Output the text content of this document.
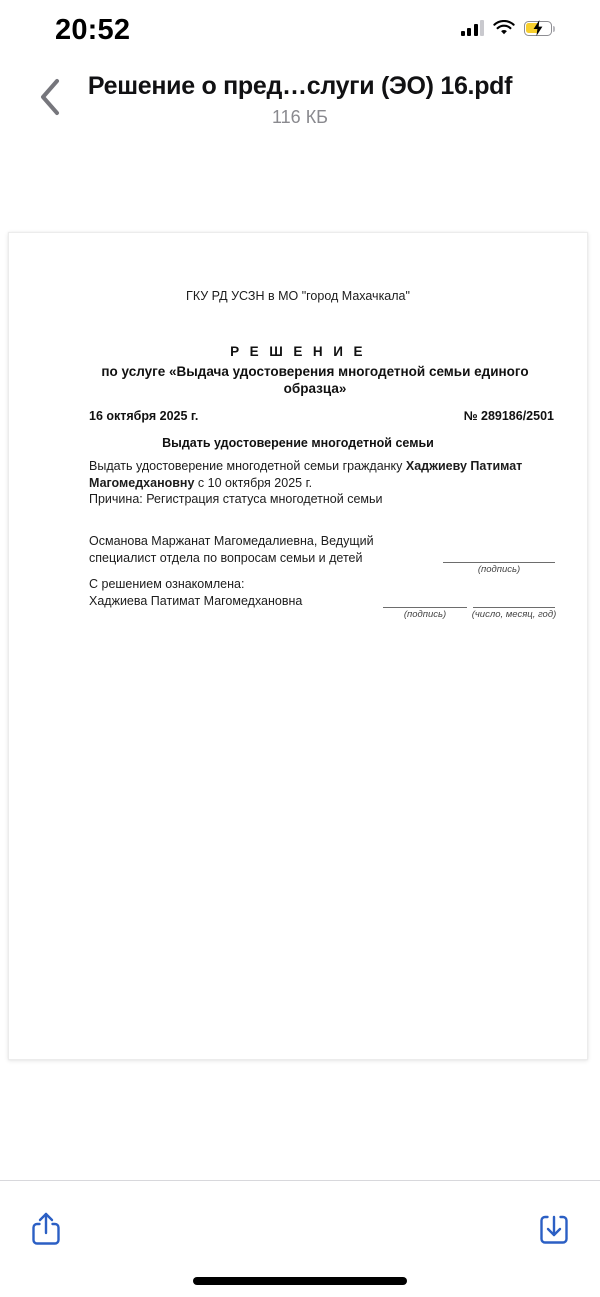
20:52
Решение о пред…слуги (ЭО) 16.pdf
116 КБ
ГКУ РД УСЗН в МО "город Махачкала"
Р Е Ш Е Н И Е
по услуге «Выдача удостоверения многодетной семьи единого образца»
16 октября 2025 г.	№ 289186/2501
Выдать удостоверение многодетной семьи
Выдать удостоверение многодетной семьи гражданку Хаджиеву Патимат Магомедхановну с 10 октября 2025 г.
Причина: Регистрация статуса многодетной семьи
Османова Маржанат Магомедалиевна, Ведущий специалист отдела по вопросам семьи и детей
С решением ознакомлена:
Хаджиева Патимат Магомедхановна
(подпись)
(подпись)	(число, месяц, год)
